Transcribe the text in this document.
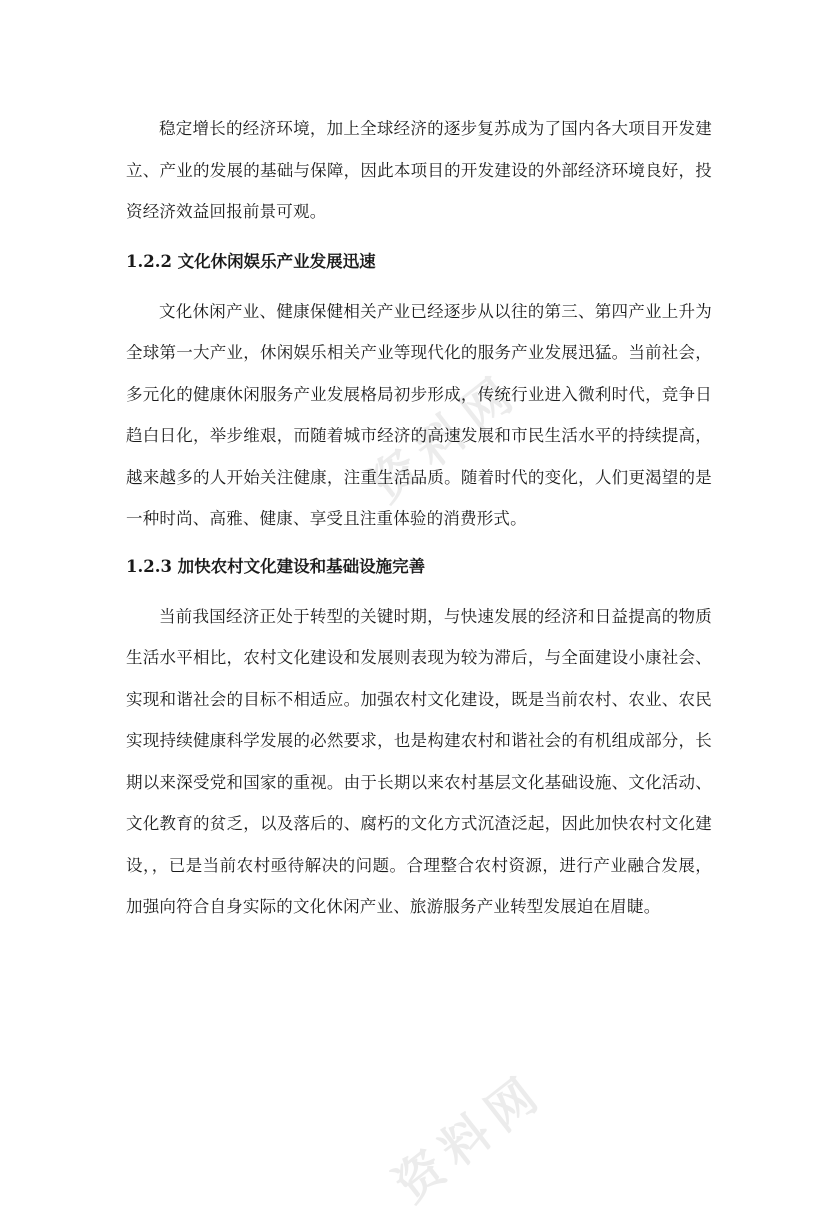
稳定增长的经济环境，加上全球经济的逐步复苏成为了国内各大项目开发建立、产业的发展的基础与保障，因此本项目的开发建设的外部经济环境良好，投资经济效益回报前景可观。

1.2.2 文化休闲娱乐产业发展迅速

文化休闲产业、健康保健相关产业已经逐步从以往的第三、第四产业上升为全球第一大产业，休闲娱乐相关产业等现代化的服务产业发展迅猛。当前社会，多元化的健康休闲服务产业发展格局初步形成，传统行业进入微利时代，竞争日趋白日化，举步维艰，而随着城市经济的高速发展和市民生活水平的持续提高，越来越多的人开始关注健康，注重生活品质。随着时代的变化，人们更渴望的是一种时尚、高雅、健康、享受且注重体验的消费形式。

1.2.3 加快农村文化建设和基础设施完善

当前我国经济正处于转型的关键时期，与快速发展的经济和日益提高的物质生活水平相比，农村文化建设和发展则表现为较为滞后，与全面建设小康社会、实现和谐社会的目标不相适应。加强农村文化建设，既是当前农村、农业、农民实现持续健康科学发展的必然要求，也是构建农村和谐社会的有机组成部分，长期以来深受党和国家的重视。由于长期以来农村基层文化基础设施、文化活动、文化教育的贫乏，以及落后的、腐朽的文化方式沉渣泛起，因此加快农村文化建设，，已是当前农村亟待解决的问题。合理整合农村资源，进行产业融合发展，加强向符合自身实际的文化休闲产业、旅游服务产业转型发展迫在眉睫。

资料网
资料网
